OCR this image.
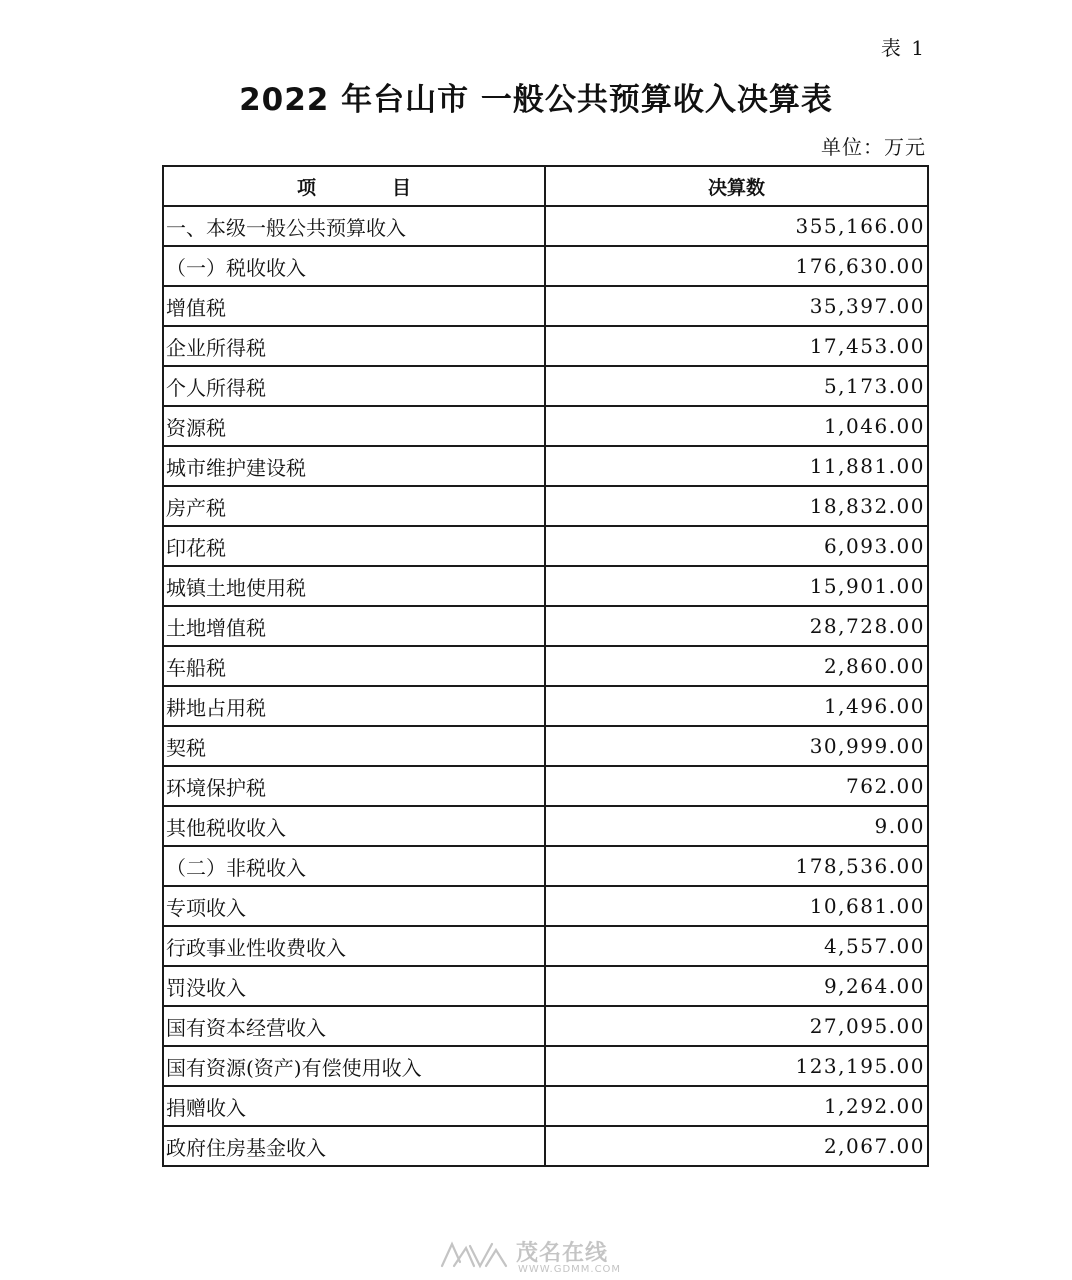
表 1
2022 年台山市 一般公共预算收入决算表
单位：万元
项　　　　目	决算数
一、本级一般公共预算收入	355,166.00
（一）税收收入	176,630.00
增值税	35,397.00
企业所得税	17,453.00
个人所得税	5,173.00
资源税	1,046.00
城市维护建设税	11,881.00
房产税	18,832.00
印花税	6,093.00
城镇土地使用税	15,901.00
土地增值税	28,728.00
车船税	2,860.00
耕地占用税	1,496.00
契税	30,999.00
环境保护税	762.00
其他税收收入	9.00
（二）非税收入	178,536.00
专项收入	10,681.00
行政事业性收费收入	4,557.00
罚没收入	9,264.00
国有资本经营收入	27,095.00
国有资源(资产)有偿使用收入	123,195.00
捐赠收入	1,292.00
政府住房基金收入	2,067.00
茂名在线
WWW.GDMM.COM
